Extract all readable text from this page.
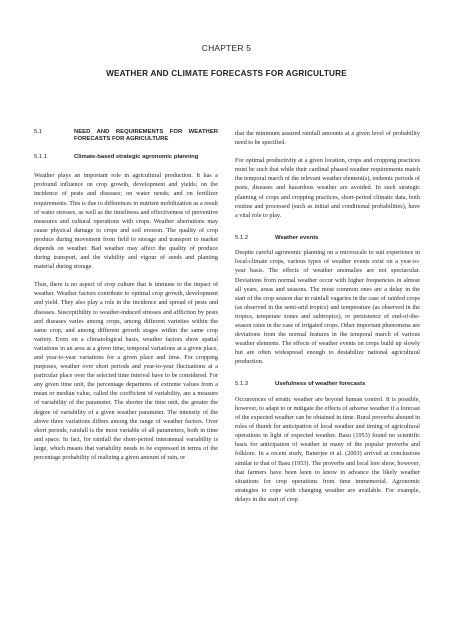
CHAPTER 5
WEATHER AND CLIMATE FORECASTS FOR AGRICULTURE
5.1	NEED AND REQUIREMENTS FOR WEATHER FORECASTS FOR AGRICULTURE
5.1.1	Climate-based strategic agronomic planning

Weather plays an important role in agricultural production. It has a profound influence on crop growth, development and yields; on the incidence of pests and diseases; on water needs; and on fertilizer requirements. This is due to differences in nutrient mobilization as a result of water stresses, as well as the timeliness and effectiveness of preventive measures and cultural operations with crops. Weather aberrations may cause physical damage to crops and soil erosion. The quality of crop produce during movement from field to storage and transport to market depends on weather. Bad weather may affect the quality of produce during transport, and the viability and vigour of seeds and planting material during storage.

Thus, there is no aspect of crop culture that is immune to the impact of weather. Weather factors contribute to optimal crop growth, development and yield. They also play a role in the incidence and spread of pests and diseases. Susceptibility to weather-induced stresses and affliction by pests and diseases varies among crops, among different varieties within the same crop, and among different growth stages within the same crop variety. Even on a climatological basis, weather factors show spatial variations in an area at a given time, temporal variations at a given place, and year-to-year variations for a given place and time. For cropping purposes, weather over short periods and year-to-year fluctuations at a particular place over the selected time interval have to be considered. For any given time unit, the percentage departures of extreme values from a mean or median value, called the coefficient of variability, are a measure of variability of the parameter. The shorter the time unit, the greater the degree of variability of a given weather parameter. The intensity of the above three variations differs among the range of weather factors. Over short periods, rainfall is the most variable of all parameters, both in time and space. In fact, for rainfall the short-period interannual variability is large, which means that variability needs to be expressed in terms of the percentage probability of realizing a given amount of rain, or

that the minimum assured rainfall amounts at a given level of probability need to be specified.

For optimal productivity at a given location, crops and cropping practices must be such that while their cardinal phased weather requirements match the temporal march of the relevant weather element(s), endemic periods of pests, diseases and hazardous weather are avoided. In such strategic planning of crops and cropping practices, short-period climatic data, both routine and processed (such as initial and conditional probabilities), have a vital role to play.

5.1.2	Weather events

Despite careful agronomic planning on a microscale to suit experience in local-climate crops, various types of weather events exist on a year-to-year basis. The effects of weather anomalies are not spectacular. Deviations from normal weather occur with higher frequencies in almost all years, areas and seasons. The most common ones are a delay in the start of the crop season due to rainfall vagaries in the case of rainfed crops (as observed in the semi-arid tropics) and temperature (as observed in the tropics, temperate zones and subtropics), or persistence of end-of-the-season rains in the case of irrigated crops. Other important phenomena are deviations from the normal features in the temporal march of various weather elements. The effects of weather events on crops build up slowly but are often widespread enough to destabilize national agricultural production.

5.1.3	Usefulness of weather forecasts

Occurrences of erratic weather are beyond human control. It is possible, however, to adapt to or mitigate the effects of adverse weather if a forecast of the expected weather can be obtained in time. Rural proverbs abound in rules of thumb for anticipation of local weather and timing of agricultural operations in light of expected weather. Basu (1953) found no scientific basis for anticipation of weather in many of the popular proverbs and folklore. In a recent study, Banerjee et al. (2003) arrived at conclusions similar to that of Basu (1953). The proverbs and local lore show, however, that farmers have been keen to know in advance the likely weather situations for crop operations from time immemorial. Agronomic strategies to cope with changing weather are available. For example, delays in the start of crop
